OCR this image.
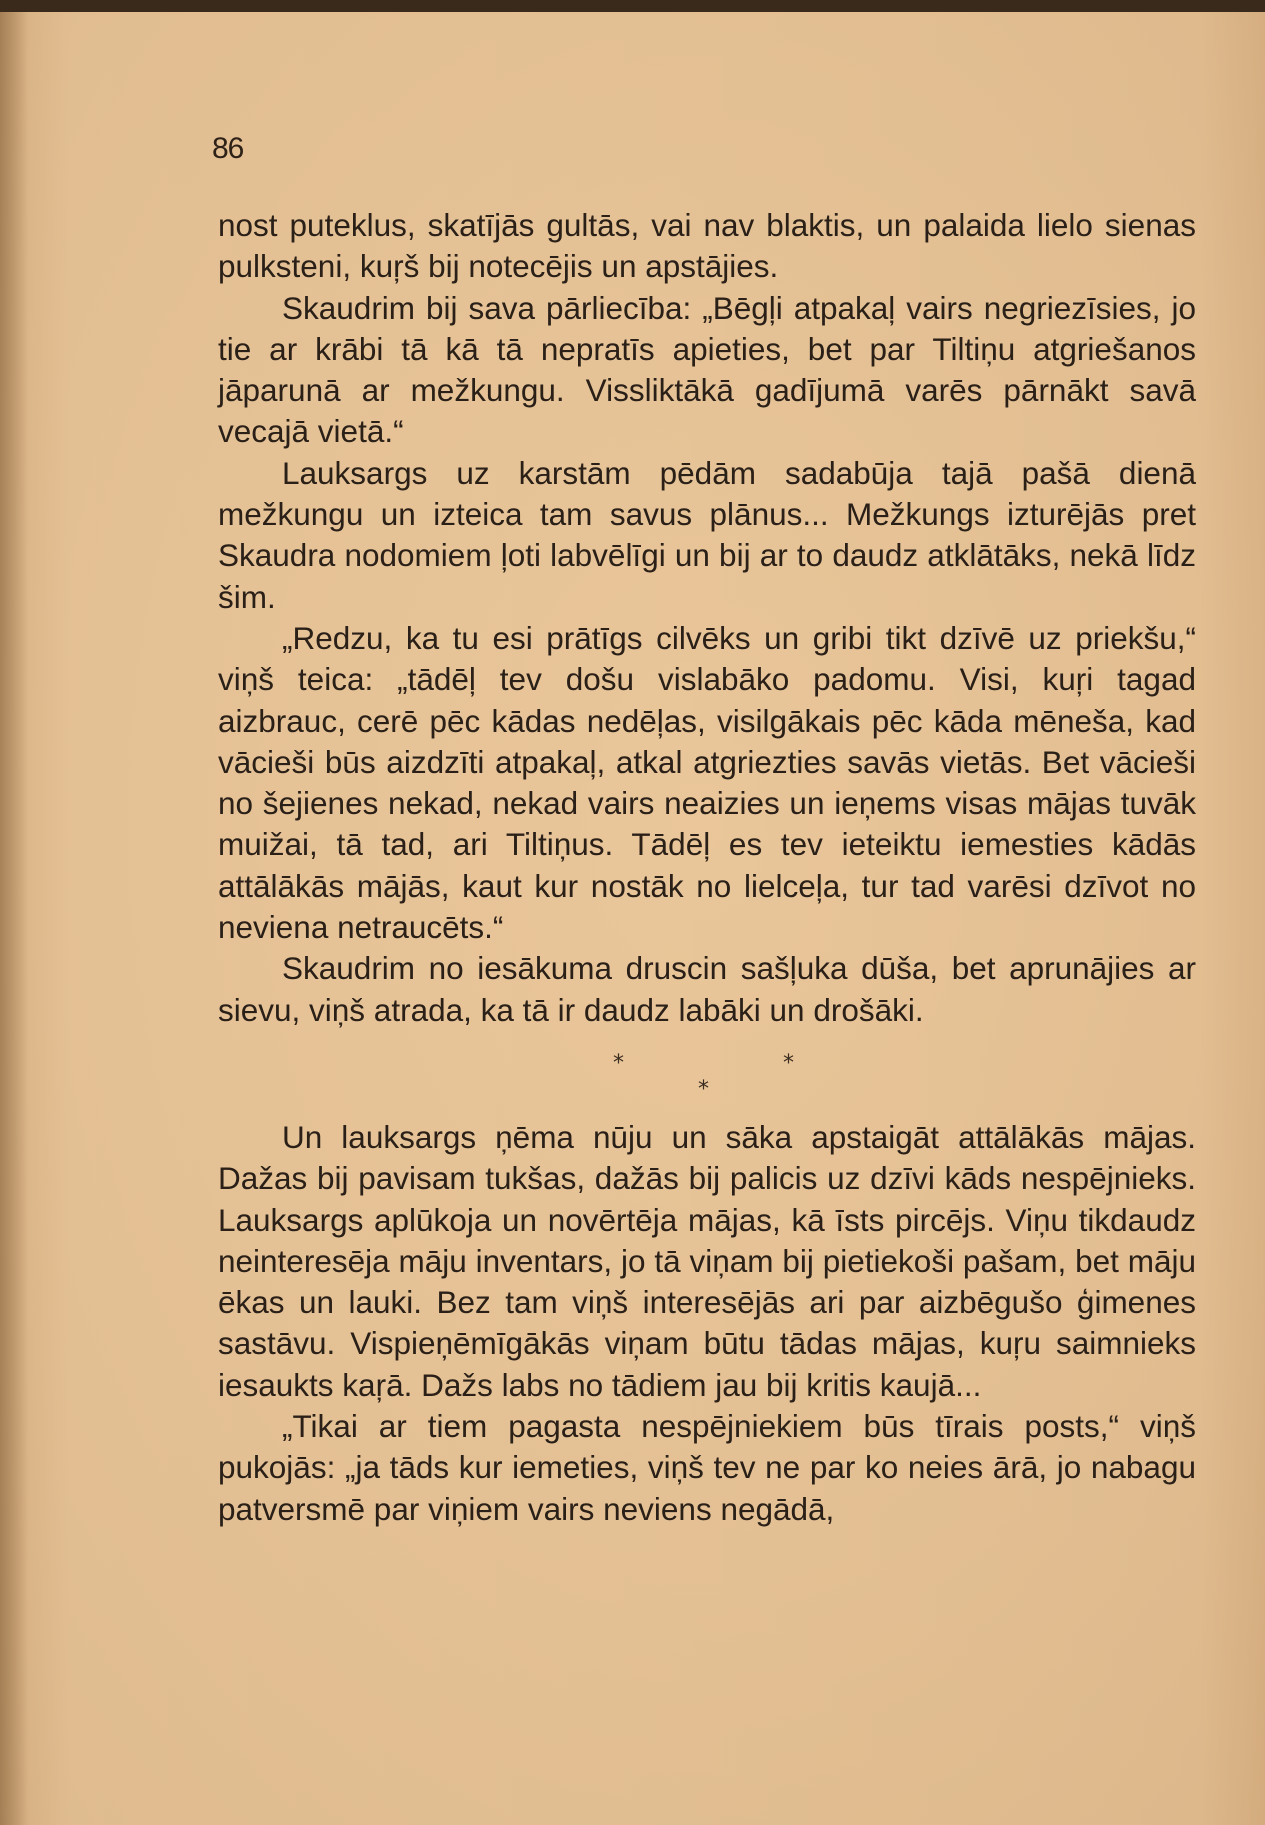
86

nost puteklus, skatījās gultās, vai nav blaktis, un palaida lielo sienas pulksteni, kuŗš bij notecējis un apstājies.

Skaudrim bij sava pārliecība: „Bēgļi atpakaļ vairs negriezīsies, jo tie ar krābi tā kā tā nepratīs apieties, bet par Tiltiņu atgriešanos jāparunā ar mežkungu. Vissliktākā gadījumā varēs pārnākt savā vecajā vietā.“

Lauksargs uz karstām pēdām sadabūja tajā pašā dienā mežkungu un izteica tam savus plānus... Mežkungs izturējās pret Skaudra nodomiem ļoti labvēlīgi un bij ar to daudz atklātāks, nekā līdz šim.

„Redzu, ka tu esi prātīgs cilvēks un gribi tikt dzīvē uz priekšu,“ viņš teica: „tādēļ tev došu vislabāko padomu. Visi, kuŗi tagad aizbrauc, cerē pēc kādas nedēļas, visilgākais pēc kāda mēneša, kad vācieši būs aizdzīti atpakaļ, atkal atgriezties savās vietās. Bet vācieši no šejienes nekad, nekad vairs neaizies un ieņems visas mājas tuvāk muižai, tā tad, ari Tiltiņus. Tādēļ es tev ieteiktu iemesties kādās attālākās mājās, kaut kur nostāk no lielceļa, tur tad varēsi dzīvot no neviena netraucēts.“

Skaudrim no iesākuma druscin sašļuka dūša, bet aprunājies ar sievu, viņš atrada, ka tā ir daudz labāki un drošāki.

*	*
*

Un lauksargs ņēma nūju un sāka apstaigāt attālākās mājas. Dažas bij pavisam tukšas, dažās bij palicis uz dzīvi kāds nespējnieks. Lauksargs aplūkoja un novērtēja mājas, kā īsts pircējs. Viņu tikdaudz neinteresēja māju inventars, jo tā viņam bij pietiekoši pašam, bet māju ēkas un lauki. Bez tam viņš interesējās ari par aizbēgušo ģimenes sastāvu. Vispieņēmīgākās viņam būtu tādas mājas, kuŗu saimnieks iesaukts kaŗā. Dažs labs no tādiem jau bij kritis kaujā...

„Tikai ar tiem pagasta nespējniekiem būs tīrais posts,“ viņš pukojās: „ja tāds kur iemeties, viņš tev ne par ko neies ārā, jo nabagu patversmē par viņiem vairs neviens negādā,
